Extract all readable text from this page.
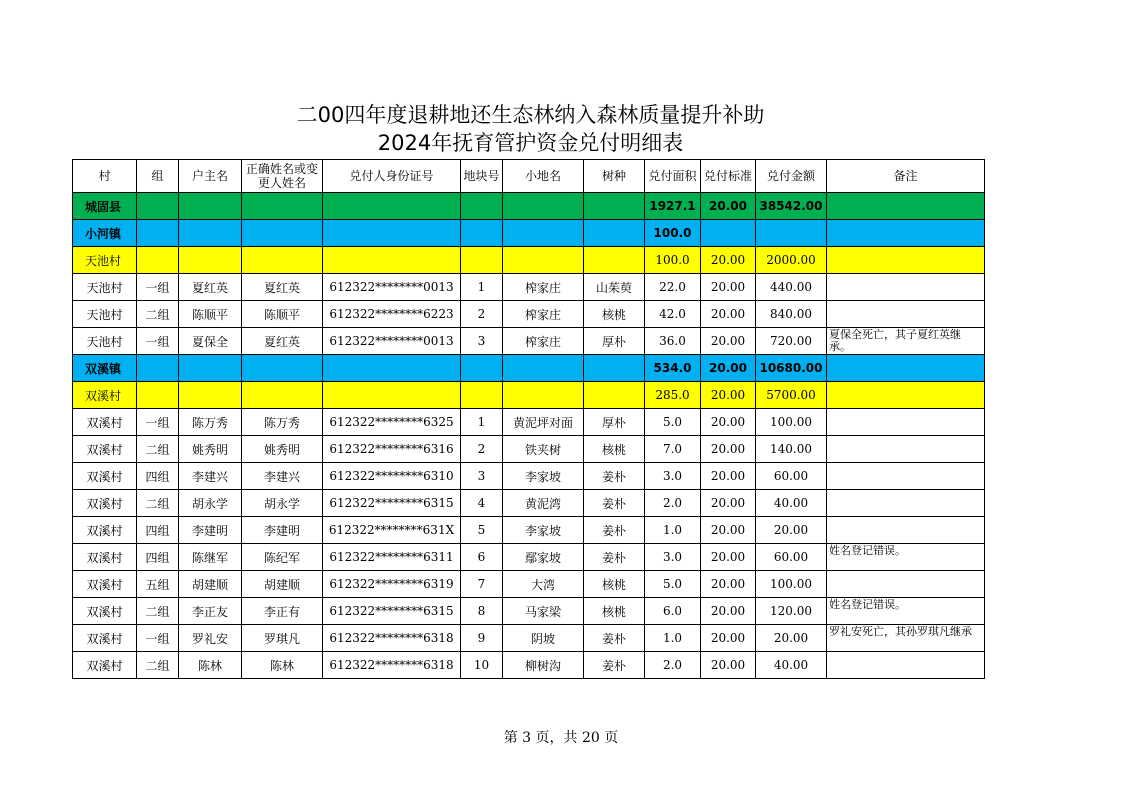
二00四年度退耕地还生态林纳入森林质量提升补助
2024年抚育管护资金兑付明细表
村	组	户主名	正确姓名或变更人姓名	兑付人身份证号	地块号	小地名	树种	兑付面积	兑付标准	兑付金额	备注
城固县								1927.1	20.00	38542.00	
小河镇								100.0			
天池村								100.0	20.00	2000.00	
天池村	一组	夏红英	夏红英	612322********0013	1	榨家庄	山茱萸	22.0	20.00	440.00	
天池村	二组	陈顺平	陈顺平	612322********6223	2	榨家庄	核桃	42.0	20.00	840.00	
天池村	一组	夏保全	夏红英	612322********0013	3	榨家庄	厚朴	36.0	20.00	720.00	夏保全死亡，其子夏红英继承。
双溪镇								534.0	20.00	10680.00	
双溪村								285.0	20.00	5700.00	
双溪村	一组	陈万秀	陈万秀	612322********6325	1	黄泥坪对面	厚朴	5.0	20.00	100.00	
双溪村	二组	姚秀明	姚秀明	612322********6316	2	铁夹树	核桃	7.0	20.00	140.00	
双溪村	四组	李建兴	李建兴	612322********6310	3	李家坡	姜朴	3.0	20.00	60.00	
双溪村	二组	胡永学	胡永学	612322********6315	4	黄泥湾	姜朴	2.0	20.00	40.00	
双溪村	四组	李建明	李建明	612322********631X	5	李家坡	姜朴	1.0	20.00	20.00	
双溪村	四组	陈继军	陈纪军	612322********6311	6	鄢家坡	姜朴	3.0	20.00	60.00	姓名登记错误。
双溪村	五组	胡建顺	胡建顺	612322********6319	7	大湾	核桃	5.0	20.00	100.00	
双溪村	二组	李正友	李正有	612322********6315	8	马家梁	核桃	6.0	20.00	120.00	姓名登记错误。
双溪村	一组	罗礼安	罗琪凡	612322********6318	9	阴坡	姜朴	1.0	20.00	20.00	罗礼安死亡，其孙罗琪凡继承
双溪村	二组	陈林	陈林	612322********6318	10	柳树沟	姜朴	2.0	20.00	40.00	
第 3 页，共 20 页
